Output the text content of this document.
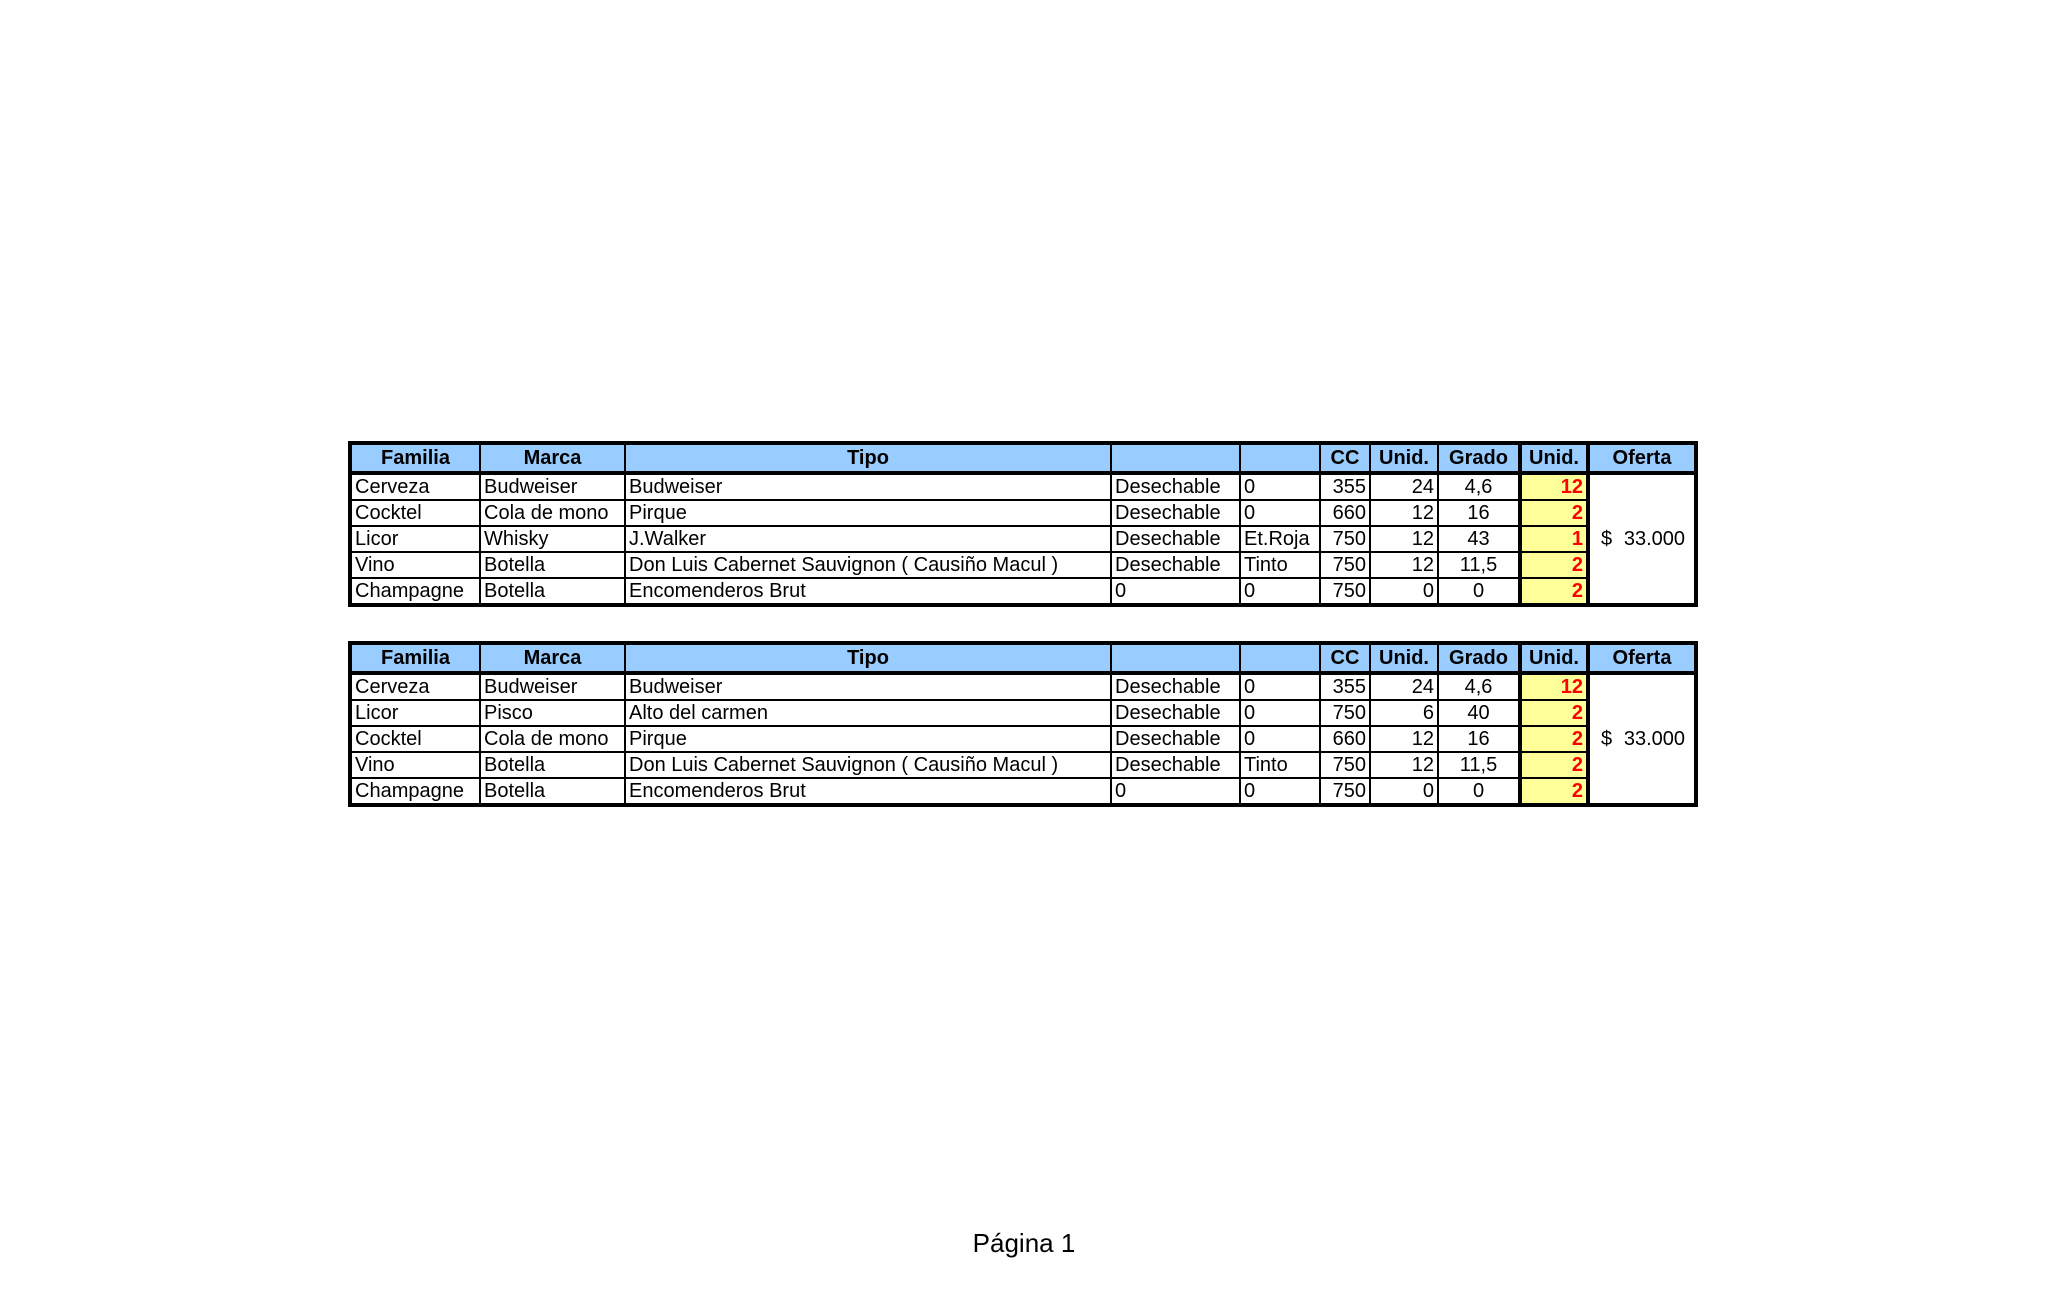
Familia	Marca	Tipo			CC	Unid.	Grado	Unid.	Oferta
Cerveza	Budweiser	Budweiser	Desechable	0	355	24	4,6	12	$ 33.000

Cocktel	Cola de mono	Pirque	Desechable	0	660	12	16	2	
Licor	Whisky	J.Walker	Desechable	Et.Roja	750	12	43	1	
Vino	Botella	Don Luis Cabernet Sauvignon ( Causiño Macul )	Desechable	Tinto	750	12	11,5	2	
Champagne	Botella	Encomenderos Brut	0	0	750	0	0	2	
Familia	Marca	Tipo			CC	Unid.	Grado	Unid.	Oferta
Cerveza	Budweiser	Budweiser	Desechable	0	355	24	4,6	12	$ 33.000

Licor	Pisco	Alto del carmen	Desechable	0	750	6	40	2	
Cocktel	Cola de mono	Pirque	Desechable	0	660	12	16	2	
Vino	Botella	Don Luis Cabernet Sauvignon ( Causiño Macul )	Desechable	Tinto	750	12	11,5	2	
Champagne	Botella	Encomenderos Brut	0	0	750	0	0	2	
Página 1
